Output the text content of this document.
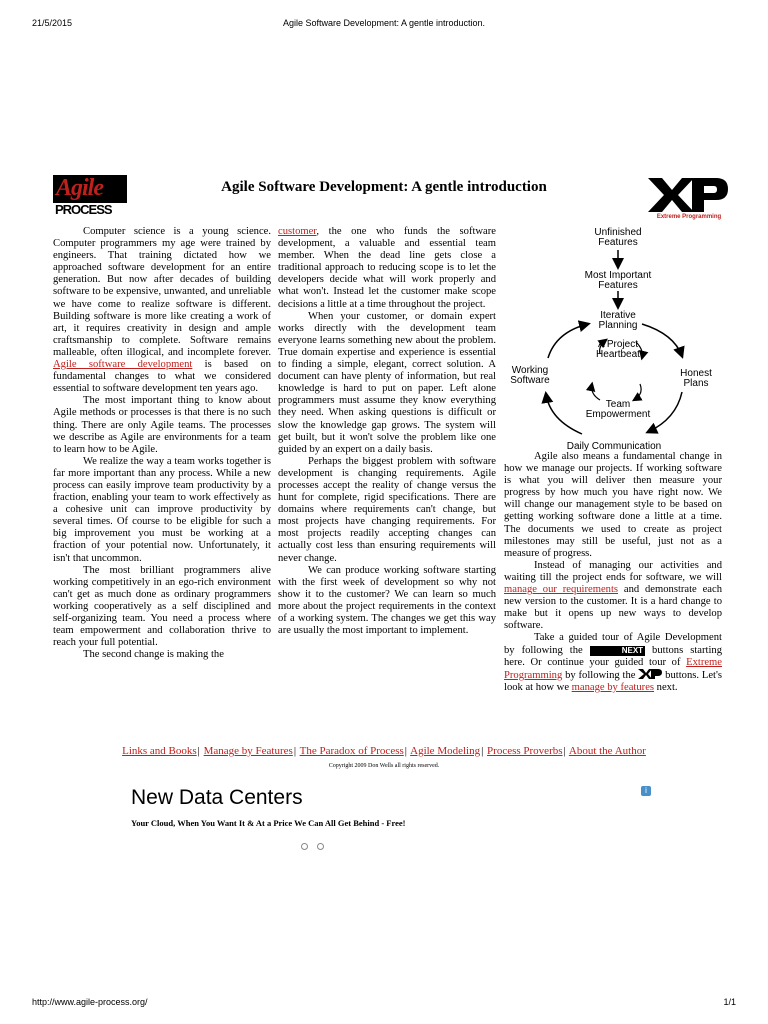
21/5/2015	Agile Software Development: A gentle introduction.
Agile
PROCESS
Agile Software Development: A gentle introduction
Extreme Programming

Computer science is a young science. Computer programmers my age were trained by engineers. That training dictated how we approached software development for an entire generation. But now after decades of building software to be expensive, unwanted, and unreliable we have come to realize software is different. Building software is more like creating a work of art, it requires creativity in design and ample craftsmanship to complete. Software remains malleable, often illogical, and incomplete forever. Agile software development is based on fundamental changes to what we considered essential to software development ten years ago.

The most important thing to know about Agile methods or processes is that there is no such thing. There are only Agile teams. The processes we describe as Agile are environments for a team to learn how to be Agile.

We realize the way a team works together is far more important than any process. While a new process can easily improve team productivity by a fraction, enabling your team to work effectively as a cohesive unit can improve productivity by several times. Of course to be eligible for such a big improvement you must be working at a fraction of your potential now. Unfortunately, it isn't that uncommon.

The most brilliant programmers alive working competitively in an ego-rich environment can't get as much done as ordinary programmers working cooperatively as a self disciplined and self-organizing team. You need a process where team empowerment and collaboration thrive to reach your full potential.

The second change is making the

customer, the one who funds the software development, a valuable and essential team member. When the dead line gets close a traditional approach to reducing scope is to let the developers decide what will work properly and what won't. Instead let the customer make scope decisions a little at a time throughout the project.

When your customer, or domain expert works directly with the development team everyone learns something new about the problem. True domain expertise and experience is essential to finding a simple, elegant, correct solution. A document can have plenty of information, but real knowledge is hard to put on paper. Left alone programmers must assume they know everything they need. When asking questions is difficult or slow the knowledge gap grows. The system will get built, but it won't solve the problem like one guided by an expert on a daily basis.

Perhaps the biggest problem with software development is changing requirements. Agile processes accept the reality of change versus the hunt for complete, rigid specifications. There are domains where requirements can't change, but most projects have changing requirements. For most projects readily accepting changes can actually cost less than ensuring requirements will never change.

We can produce working software starting with the first week of development so why not show it to the customer? We can learn so much more about the project requirements in the context of a working system. The changes we get this way are usually the most important to implement.

Unfinished
Features
Most Important
Features
Iterative
Planning
A Project
Heartbeat
Working
Software
Honest
Plans
Team
Empowerment
Daily Communication

Agile also means a fundamental change in how we manage our projects. If working software is what you will deliver then measure your progress by how much you have right now. We will change our management style to be based on getting working software done a little at a time. The documents we used to create as project milestones may still be useful, just not as a measure of progress.

Instead of managing our activities and waiting till the project ends for software, we will manage our requirements and demonstrate each new version to the customer. It is a hard change to make but it opens up new ways to develop software.

Take a guided tour of Agile Development by following the	NEXT buttons starting here. Or continue your guided tour of Extreme Programming by following the  buttons. Let's look at how we manage by features next.

Links and Books| Manage by Features| The Paradox of Process| Agile Modeling| Process Proverbs| About the Author
Copyright 2009 Don Wells all rights reserved.
New Data Centers
Your Cloud, When You Want It & At a Price We Can All Get Behind - Free!
i
http://www.agile-process.org/	1/1
